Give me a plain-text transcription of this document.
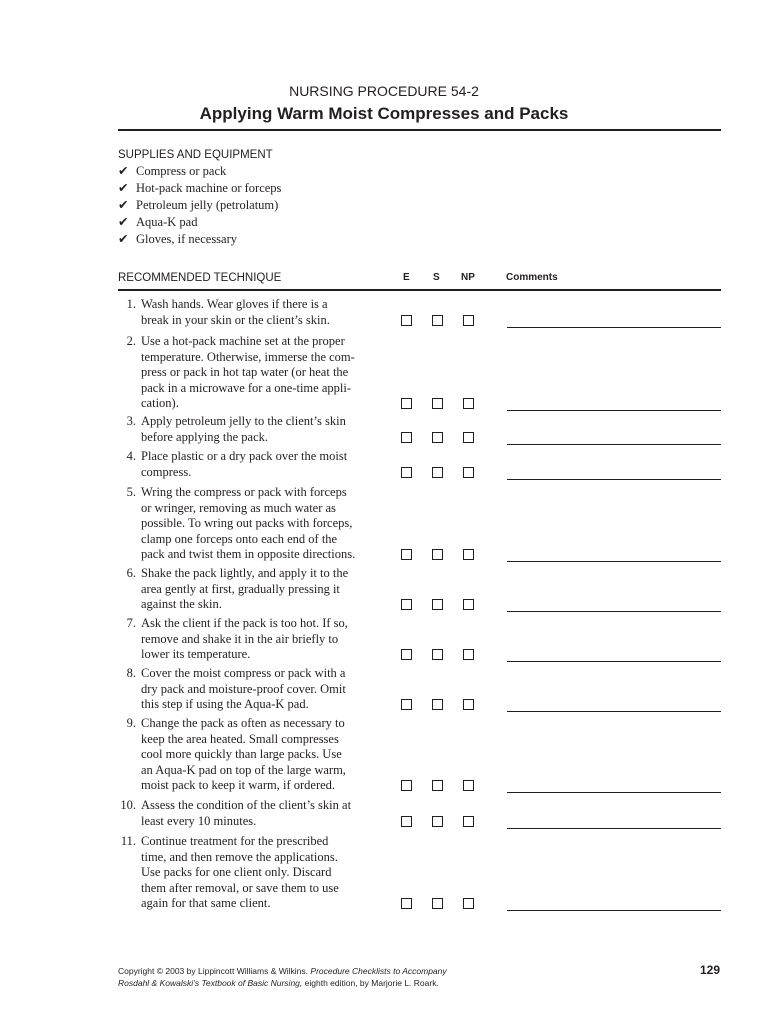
NURSING PROCEDURE 54-2
Applying Warm Moist Compresses and Packs
SUPPLIES AND EQUIPMENT
✔ Compress or pack
✔ Hot-pack machine or forceps
✔ Petroleum jelly (petrolatum)
✔ Aqua-K pad
✔ Gloves, if necessary
RECOMMENDED TECHNIQUE	E S NP	Comments
1. Wash hands. Wear gloves if there is a
break in your skin or the client’s skin.
2. Use a hot-pack machine set at the proper
temperature. Otherwise, immerse the com-
press or pack in hot tap water (or heat the
pack in a microwave for a one-time appli-
cation).
3. Apply petroleum jelly to the client’s skin
before applying the pack.
4. Place plastic or a dry pack over the moist
compress.
5. Wring the compress or pack with forceps
or wringer, removing as much water as
possible. To wring out packs with forceps,
clamp one forceps onto each end of the
pack and twist them in opposite directions.
6. Shake the pack lightly, and apply it to the
area gently at first, gradually pressing it
against the skin.
7. Ask the client if the pack is too hot. If so,
remove and shake it in the air briefly to
lower its temperature.
8. Cover the moist compress or pack with a
dry pack and moisture-proof cover. Omit
this step if using the Aqua-K pad.
9. Change the pack as often as necessary to
keep the area heated. Small compresses
cool more quickly than large packs. Use
an Aqua-K pad on top of the large warm,
moist pack to keep it warm, if ordered.
10. Assess the condition of the client’s skin at
least every 10 minutes.
11. Continue treatment for the prescribed
time, and then remove the applications.
Use packs for one client only. Discard
them after removal, or save them to use
again for that same client.
Copyright © 2003 by Lippincott Williams & Wilkins. Procedure Checklists to Accompany
Rosdahl & Kowalski’s Textbook of Basic Nursing, eighth edition, by Marjorie L. Roark.
129
